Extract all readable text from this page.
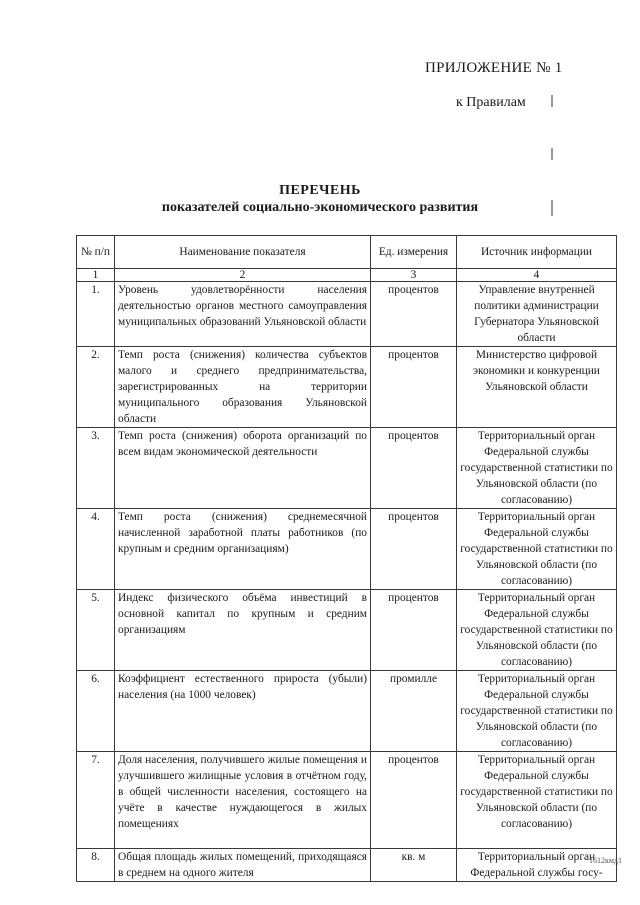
ПРИЛОЖЕНИЕ № 1
к Правилам
ПЕРЕЧЕНЬ
показателей социально-экономического развития
№ п/п	Наименование показателя	Ед. измерения	Источник информации
1	2	3	4
1.	Уровень удовлетворённости населения деятельностью органов местного самоуправления муниципальных образований Ульяновской области	процентов	Управление внутренней политики администрации Губернатора Ульяновской области
2.	Темп роста (снижения) количества субъектов малого и среднего предпринимательства, зарегистрированных на территории муниципального образования Ульяновской области	процентов	Министерство цифровой экономики и конкуренции Ульяновской области
3.	Темп роста (снижения) оборота организаций по всем видам экономической деятельности	процентов	Территориальный орган Федеральной службы государственной статистики по Ульяновской области (по согласованию)
4.	Темп роста (снижения) среднемесячной начисленной заработной платы работников (по крупным и средним организациям)	процентов	Территориальный орган Федеральной службы государственной статистики по Ульяновской области (по согласованию)
5.	Индекс физического объёма инвестиций в основной капитал по крупным и средним организациям	процентов	Территориальный орган Федеральной службы государственной статистики по Ульяновской области (по согласованию)
6.	Коэффициент естественного прироста (убыли) населения (на 1000 человек)	промилле	Территориальный орган Федеральной службы государственной статистики по Ульяновской области (по согласованию)
7.	Доля населения, получившего жилые помещения и улучшившего жилищные условия в отчётном году, в общей численности населения, состоящего на учёте в качестве нуждающегося в жилых помещениях	процентов	Территориальный орган Федеральной службы государственной статистики по Ульяновской области (по согласованию)
8.	Общая площадь жилых помещений, приходящаяся в среднем на одного жителя	кв. м	Территориальный орган Федеральной службы госу-
1612кмд1
